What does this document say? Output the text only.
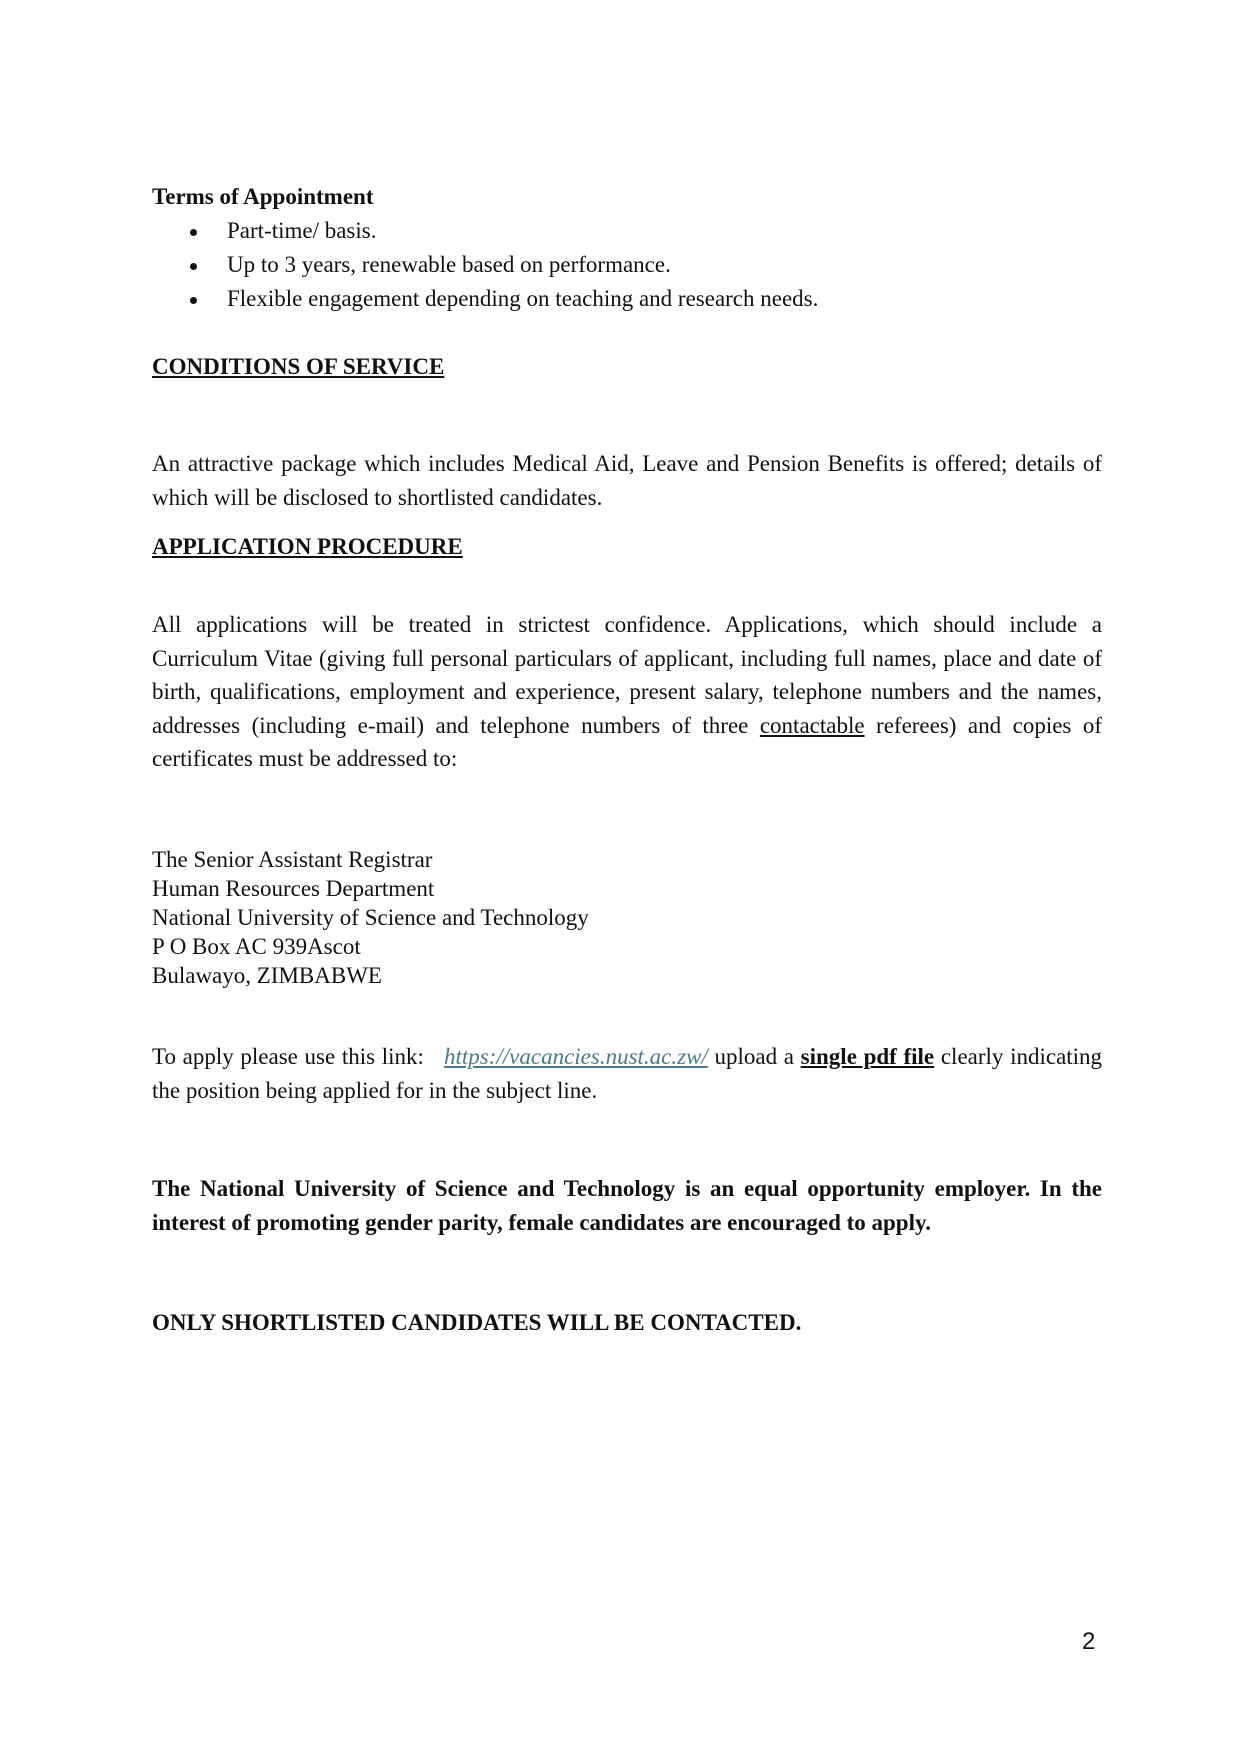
Terms of Appointment
Part-time/ basis.
Up to 3 years, renewable based on performance.
Flexible engagement depending on teaching and research needs.
CONDITIONS OF SERVICE
An attractive package which includes Medical Aid, Leave and Pension Benefits is offered; details of which will be disclosed to shortlisted candidates.
APPLICATION PROCEDURE
All applications will be treated in strictest confidence. Applications, which should include a Curriculum Vitae (giving full personal particulars of applicant, including full names, place and date of birth, qualifications, employment and experience, present salary, telephone numbers and the names, addresses (including e-mail) and telephone numbers of three contactable referees) and copies of certificates must be addressed to:
The Senior Assistant Registrar
Human Resources Department
National University of Science and Technology
P O Box AC 939Ascot
Bulawayo, ZIMBABWE
To apply please use this link: https://vacancies.nust.ac.zw/ upload a single pdf file clearly indicating the position being applied for in the subject line.
The National University of Science and Technology is an equal opportunity employer. In the interest of promoting gender parity, female candidates are encouraged to apply.
ONLY SHORTLISTED CANDIDATES WILL BE CONTACTED.
2
